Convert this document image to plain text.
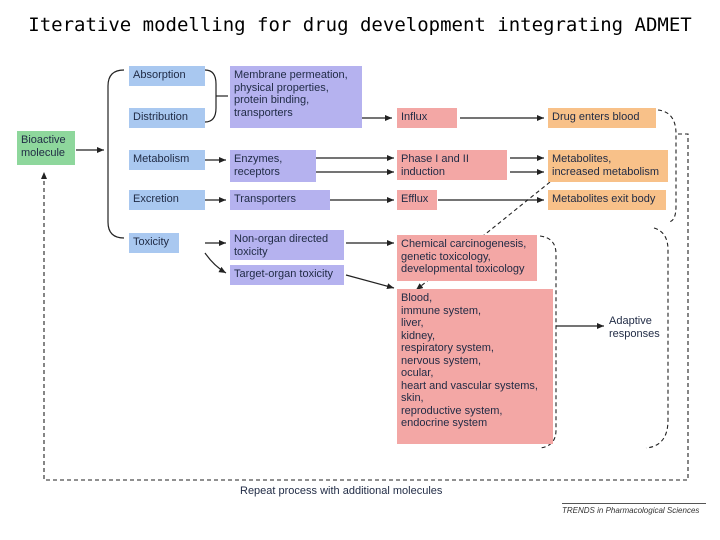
Iterative modelling for drug development integrating ADMET
Bioactive
molecule
Absorption
Distribution
Metabolism
Excretion
Toxicity
Membrane permeation,
physical properties,
protein binding,
transporters
Enzymes,
receptors
Transporters
Non-organ directed
toxicity
Target-organ toxicity
Influx
Phase I and II
induction
Efflux
Chemical carcinogenesis,
genetic toxicology,
developmental toxicology
Blood,
immune system,
liver,
kidney,
respiratory system,
nervous system,
ocular,
heart and vascular systems,
skin,
reproductive system,
endocrine system
Drug enters blood
Metabolites,
increased metabolism
Metabolites exit body
Adaptive
responses
Repeat process with additional molecules
TRENDS in Pharmacological Sciences
